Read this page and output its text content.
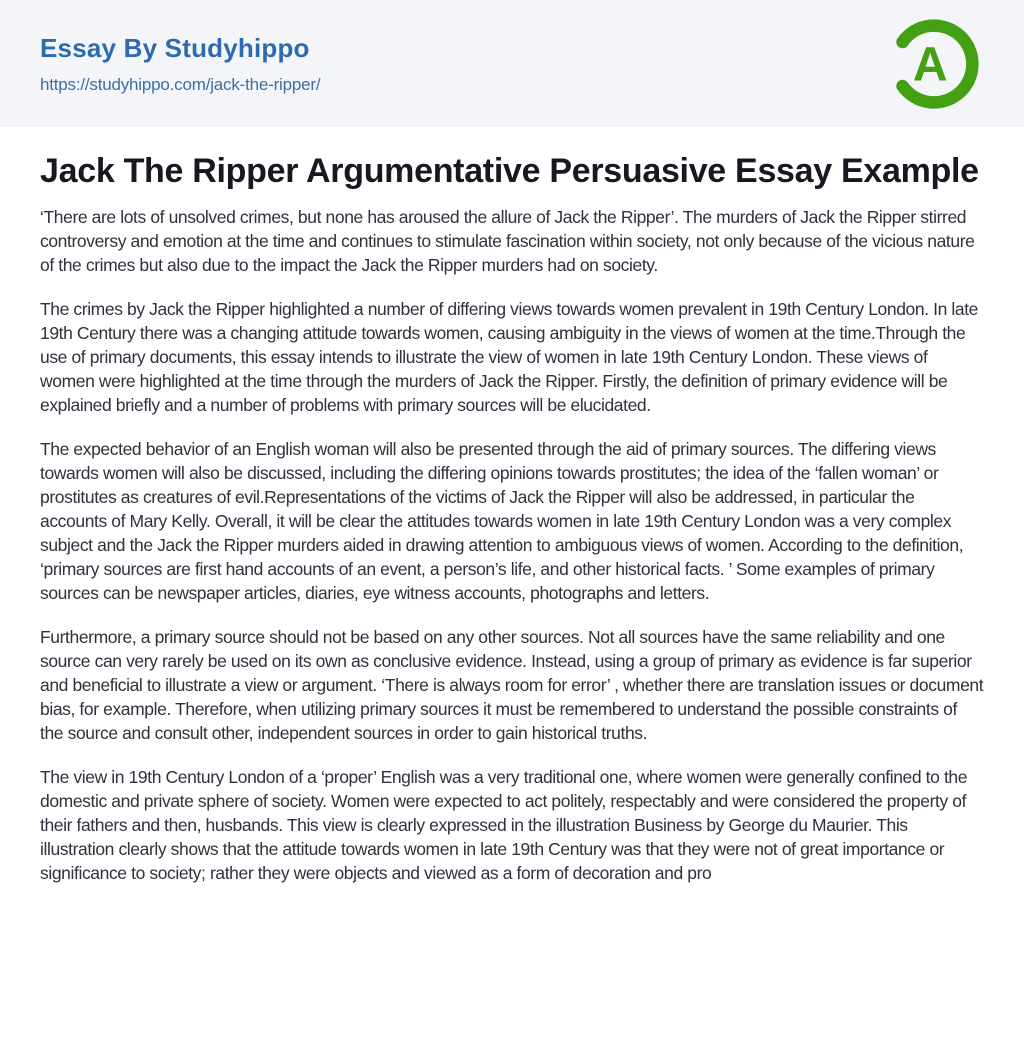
Essay By Studyhippo
https://studyhippo.com/jack-the-ripper/	A
Jack The Ripper Argumentative Persuasive Essay Example

‘There are lots of unsolved crimes, but none has aroused the allure of Jack the Ripper’. The murders of Jack the Ripper stirred controversy and emotion at the time and continues to stimulate fascination within society, not only because of the vicious nature of the crimes but also due to the impact the Jack the Ripper murders had on society.

The crimes by Jack the Ripper highlighted a number of differing views towards women prevalent in 19th Century London. In late 19th Century there was a changing attitude towards women, causing ambiguity in the views of women at the time.Through the use of primary documents, this essay intends to illustrate the view of women in late 19th Century London. These views of women were highlighted at the time through the murders of Jack the Ripper. Firstly, the definition of primary evidence will be explained briefly and a number of problems with primary sources will be elucidated.

The expected behavior of an English woman will also be presented through the aid of primary sources. The differing views towards women will also be discussed, including the differing opinions towards prostitutes; the idea of the ‘fallen woman’ or prostitutes as creatures of evil.Representations of the victims of Jack the Ripper will also be addressed, in particular the accounts of Mary Kelly. Overall, it will be clear the attitudes towards women in late 19th Century London was a very complex subject and the Jack the Ripper murders aided in drawing attention to ambiguous views of women. According to the definition, ‘primary sources are first hand accounts of an event, a person’s life, and other historical facts. ’ Some examples of primary sources can be newspaper articles, diaries, eye witness accounts, photographs and letters.

Furthermore, a primary source should not be based on any other sources. Not all sources have the same reliability and one source can very rarely be used on its own as conclusive evidence. Instead, using a group of primary as evidence is far superior and beneficial to illustrate a view or argument. ‘There is always room for error’ , whether there are translation issues or document bias, for example. Therefore, when utilizing primary sources it must be remembered to understand the possible constraints of the source and consult other, independent sources in order to gain historical truths.

The view in 19th Century London of a ‘proper’ English was a very traditional one, where women were generally confined to the domestic and private sphere of society. Women were expected to act politely, respectably and were considered the property of their fathers and then, husbands. This view is clearly expressed in the illustration Business by George du Maurier. This illustration clearly shows that the attitude towards women in late 19th Century was that they were not of great importance or significance to society; rather they were objects and viewed as a form of decoration and pro
